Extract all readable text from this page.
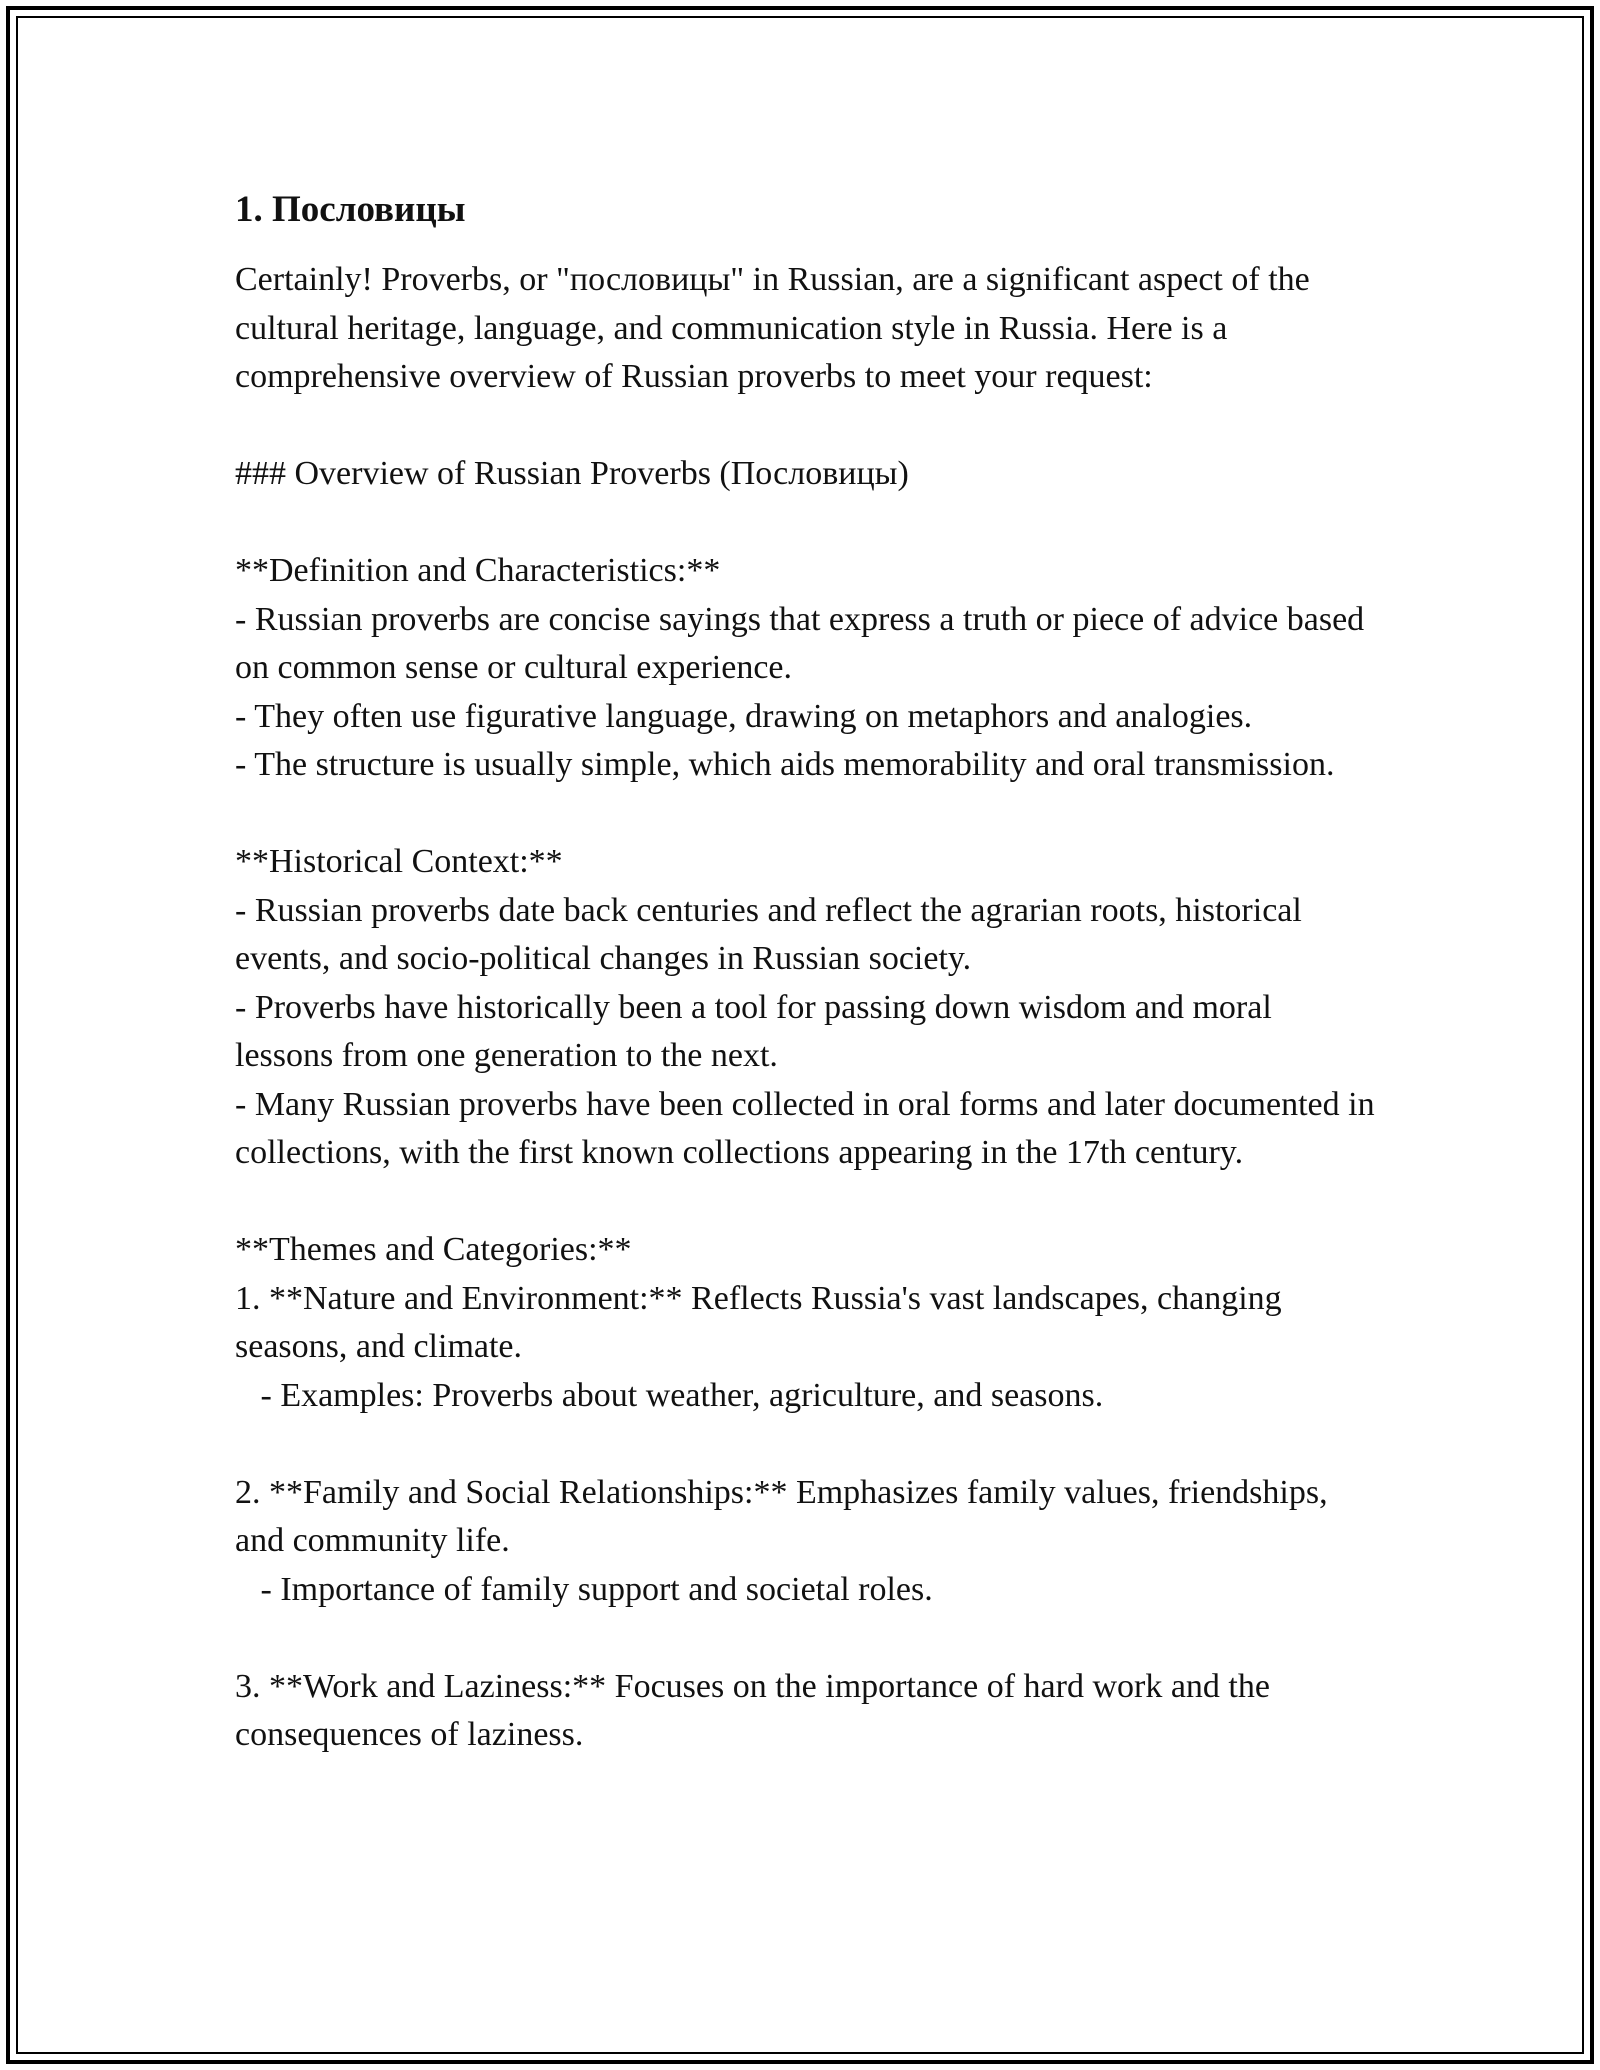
1. Пословицы

Certainly! Proverbs, or "пословицы" in Russian, are a significant aspect of the cultural heritage, language, and communication style in Russia. Here is a comprehensive overview of Russian proverbs to meet your request:

### Overview of Russian Proverbs (Пословицы)

**Definition and Characteristics:**

- Russian proverbs are concise sayings that express a truth or piece of advice based on common sense or cultural experience.

- They often use figurative language, drawing on metaphors and analogies.

- The structure is usually simple, which aids memorability and oral transmission.

**Historical Context:**

- Russian proverbs date back centuries and reflect the agrarian roots, historical events, and socio-political changes in Russian society.

- Proverbs have historically been a tool for passing down wisdom and moral lessons from one generation to the next.

- Many Russian proverbs have been collected in oral forms and later documented in collections, with the first known collections appearing in the 17th century.

**Themes and Categories:**

1. **Nature and Environment:** Reflects Russia's vast landscapes, changing seasons, and climate.

- Examples: Proverbs about weather, agriculture, and seasons.

2. **Family and Social Relationships:** Emphasizes family values, friendships, and community life.

- Importance of family support and societal roles.

3. **Work and Laziness:** Focuses on the importance of hard work and the consequences of laziness.
